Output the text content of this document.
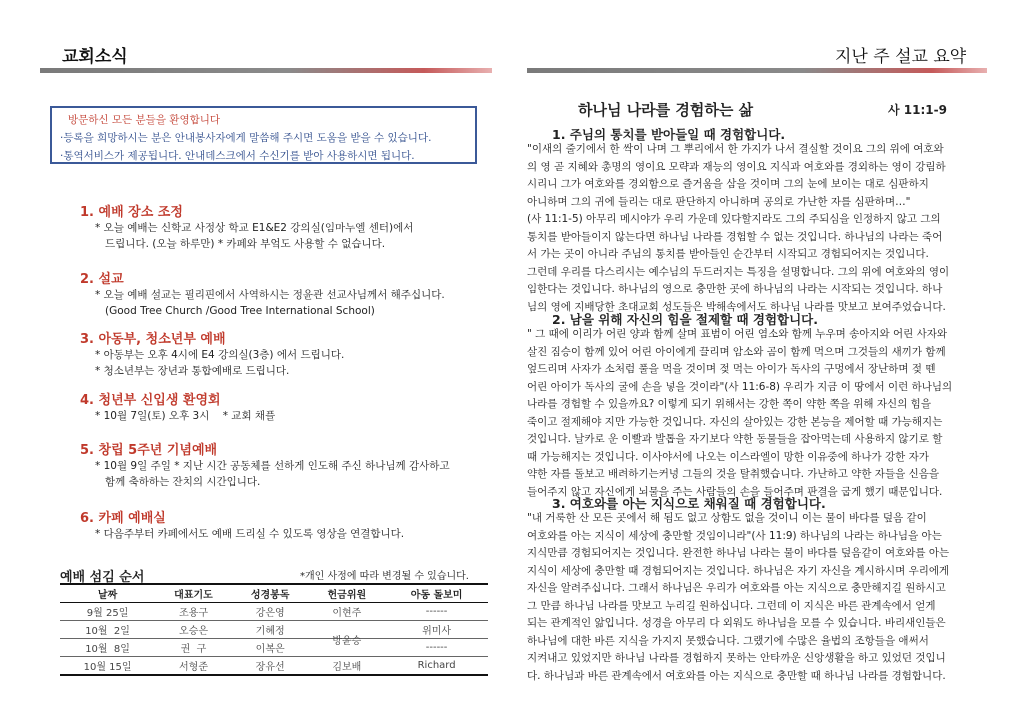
교회소식	지난 주 설교 요약
방문하신 모든 분들을 환영합니다
·등록을 희망하시는 분은 안내봉사자에게 말씀해 주시면 도움을 받을 수 있습니다.
·통역서비스가 제공됩니다. 안내데스크에서 수신기를 받아 사용하시면 됩니다.
1. 예배 장소 조정
* 오늘 예배는 신학교 사정상 학교 E1&E2 강의실(임마누엘 센터)에서
드립니다. (오늘 하루만) * 카페와 부엌도 사용할 수 없습니다.
2. 설교
* 오늘 예배 설교는 필리핀에서 사역하시는 정윤관 선교사님께서 해주십니다.
(Good Tree Church /Good Tree International School)
3. 아동부, 청소년부 예배
* 아동부는 오후 4시에 E4 강의실(3층) 에서 드립니다.
* 청소년부는 장년과 통합예배로 드립니다.
4. 청년부 신입생 환영회
* 10월 7일(토) 오후 3시    * 교회 채플
5. 창립 5주년 기념예배
* 10월 9일 주일 * 지난 시간 공동체를 선하게 인도해 주신 하나님께 감사하고
함께 축하하는 잔치의 시간입니다.
6. 카페 예배실
* 다음주부터 카페에서도 예배 드리실 수 있도록 영상을 연결합니다.
예배 섬김 순서	*개인 사정에 따라 변경될 수 있습니다.
날짜	대표기도	성경봉독	헌금위원	아동 돌보미
9월 25일	조용구	강은영	이현주	------
10월  2일	오승은	기혜정		위미사
10월  8일	권  구	이복은	방윤승	------
10월 15일	서형준	장유선	김보배	Richard
하나님 나라를 경험하는 삶	사 11:1-9
1. 주님의 통치를 받아들일 때 경험합니다.
"이새의 줄기에서 한 싹이 나며 그 뿌리에서 한 가지가 나서 결실할 것이요 그의 위에 여호와
의 영 곧 지혜와 총명의 영이요 모략과 재능의 영이요 지식과 여호와를 경외하는 영이 강림하
시리니 그가 여호와를 경외함으로 즐거움을 삼을 것이며 그의 눈에 보이는 대로 심판하지
아니하며 그의 귀에 들리는 대로 판단하지 아니하며 공의로 가난한 자를 심판하며…"
(사 11:1-5) 아무리 메시야가 우리 가운데 있다할지라도 그의 주되심을 인정하지 않고 그의
통치를 받아들이지 않는다면 하나님 나라를 경험할 수 없는 것입니다. 하나님의 나라는 죽어
서 가는 곳이 아니라 주님의 통치를 받아들인 순간부터 시작되고 경험되어지는 것입니다.
그런데 우리를 다스리시는 예수님의 두드러지는 특징을 설명합니다. 그의 위에 여호와의 영이
임한다는 것입니다. 하나님의 영으로 충만한 곳에 하나님의 나라는 시작되는 것입니다. 하나
님의 영에 지배당한 초대교회 성도들은 박해속에서도 하나님 나라를 맛보고 보여주었습니다.
2. 남을 위해 자신의 힘을 절제할 때 경험합니다.
" 그 때에 이리가 어린 양과 함께 살며 표범이 어린 염소와 함께 누우며 송아지와 어린 사자와
살진 짐승이 함께 있어 어린 아이에게 끌리며 암소와 곰이 함께 먹으며 그것들의 새끼가 함께
엎드리며 사자가 소처럼 풀을 먹을 것이며 젖 먹는 아이가 독사의 구멍에서 장난하며 젖 뗀
어린 아이가 독사의 굴에 손을 넣을 것이라"(사 11:6-8) 우리가 지금 이 땅에서 이런 하나님의
나라를 경험할 수 있을까요? 이렇게 되기 위해서는 강한 쪽이 약한 쪽을 위해 자신의 힘을
죽이고 절제해야 지만 가능한 것입니다. 자신의 살아있는 강한 본능을 제어할 때 가능해지는
것입니다. 날카로 운 이빨과 발톱을 자기보다 약한 동물들을 잡아먹는데 사용하지 않기로 할
때 가능해지는 것입니다. 이사야서에 나오는 이스라엘이 망한 이유중에 하나가 강한 자가
약한 자를 돌보고 배려하기는커녕 그들의 것을 탈취했습니다. 가난하고 약한 자들을 신음을
들어주지 않고 자신에게 뇌물을 주는 사람들의 손을 들어주며 판결을 굽게 했기 때문입니다.
3. 여호와를 아는 지식으로 채워질 때 경험합니다.
"내 거룩한 산 모든 곳에서 해 됨도 없고 상함도 없을 것이니 이는 물이 바다를 덮음 같이
여호와를 아는 지식이 세상에 충만할 것임이니라"(사 11:9) 하나님의 나라는 하나님을 아는
지식만큼 경험되어지는 것입니다. 완전한 하나님 나라는 물이 바다를 덮음같이 여호와를 아는
지식이 세상에 충만할 때 경험되어지는 것입니다. 하나님은 자기 자신을 계시하시며 우리에게
자신을 알려주십니다. 그래서 하나님은 우리가 여호와를 아는 지식으로 충만해지길 원하시고
그 만큼 하나님 나라를 맛보고 누리길 원하십니다. 그런데 이 지식은 바른 관계속에서 얻게
되는 관계적인 앎입니다. 성경을 아무리 다 외워도 하나님을 모를 수 있습니다. 바리새인들은
하나님에 대한 바른 지식을 가지지 못했습니다. 그랬기에 수많은 율법의 조항들을 애써서
지켜내고 있었지만 하나님 나라를 경험하지 못하는 안타까운 신앙생활을 하고 있었던 것입니
다. 하나님과 바른 관계속에서 여호와를 아는 지식으로 충만할 때 하나님 나라를 경험합니다.
